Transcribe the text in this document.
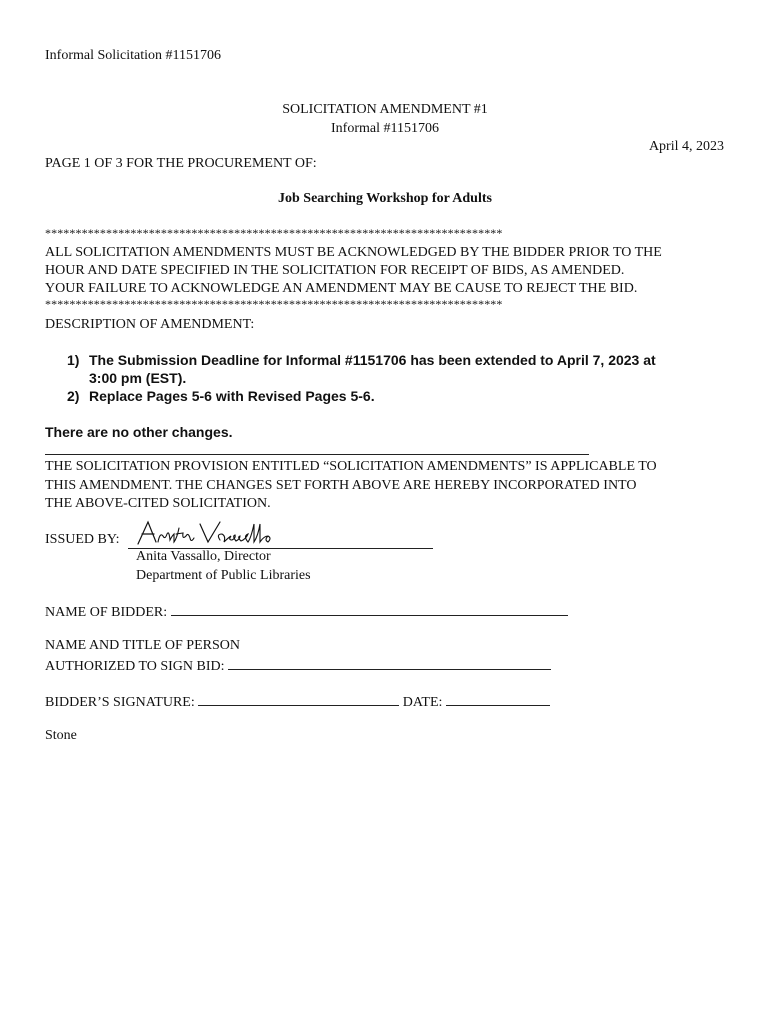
Informal Solicitation #1151706
SOLICITATION AMENDMENT #1
Informal #1151706
April 4, 2023
PAGE 1 OF 3 FOR THE PROCUREMENT OF:
Job Searching Workshop for Adults
***************************************************************************
ALL SOLICITATION AMENDMENTS MUST BE ACKNOWLEDGED BY THE BIDDER PRIOR TO THE
HOUR AND DATE SPECIFIED IN THE SOLICITATION FOR RECEIPT OF BIDS, AS AMENDED.
YOUR FAILURE TO ACKNOWLEDGE AN AMENDMENT MAY BE CAUSE TO REJECT THE BID.
***************************************************************************
DESCRIPTION OF AMENDMENT:
1) The Submission Deadline for Informal #1151706 has been extended to April 7, 2023 at
3:00 pm (EST).
2) Replace Pages 5-6 with Revised Pages 5-6.
There are no other changes.
THE SOLICITATION PROVISION ENTITLED “SOLICITATION AMENDMENTS” IS APPLICABLE TO
THIS AMENDMENT. THE CHANGES SET FORTH ABOVE ARE HEREBY INCORPORATED INTO
THE ABOVE-CITED SOLICITATION.
ISSUED BY:
Anita Vassallo, Director
Department of Public Libraries
NAME OF BIDDER:
NAME AND TITLE OF PERSON
AUTHORIZED TO SIGN BID:
BIDDER’S SIGNATURE:	DATE:
Stone
